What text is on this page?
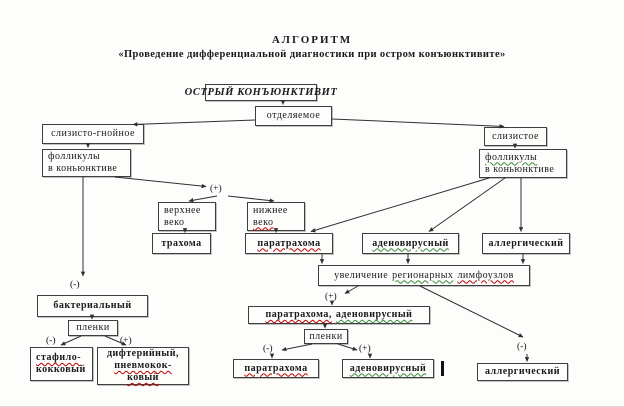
АЛГОРИТМ
«Проведение дифференциальной диагностики при остром конъюнктивите»
ОСТРЫЙ КОНЪЮНКТИВИТ
отделяемое
слизисто-гнойное
фолликулы
в коньюнктиве
слизистое
фолликулы
в коньюнктиве
(+)
верхнее
веко
нижнее
веко
трахома	паратрахома	аденовирусный	аллергический
увеличение регионарных лимфоузлов
(+)
паратрахома, аденовирусный
пленки
(-)	(+)
паратрахома	аденовирусный
(-)
аллергический
(-)
бактериальный
пленки
(-)	(+)
стафило-
кокковый
дифтерийный,
пневмокок-
ковый
